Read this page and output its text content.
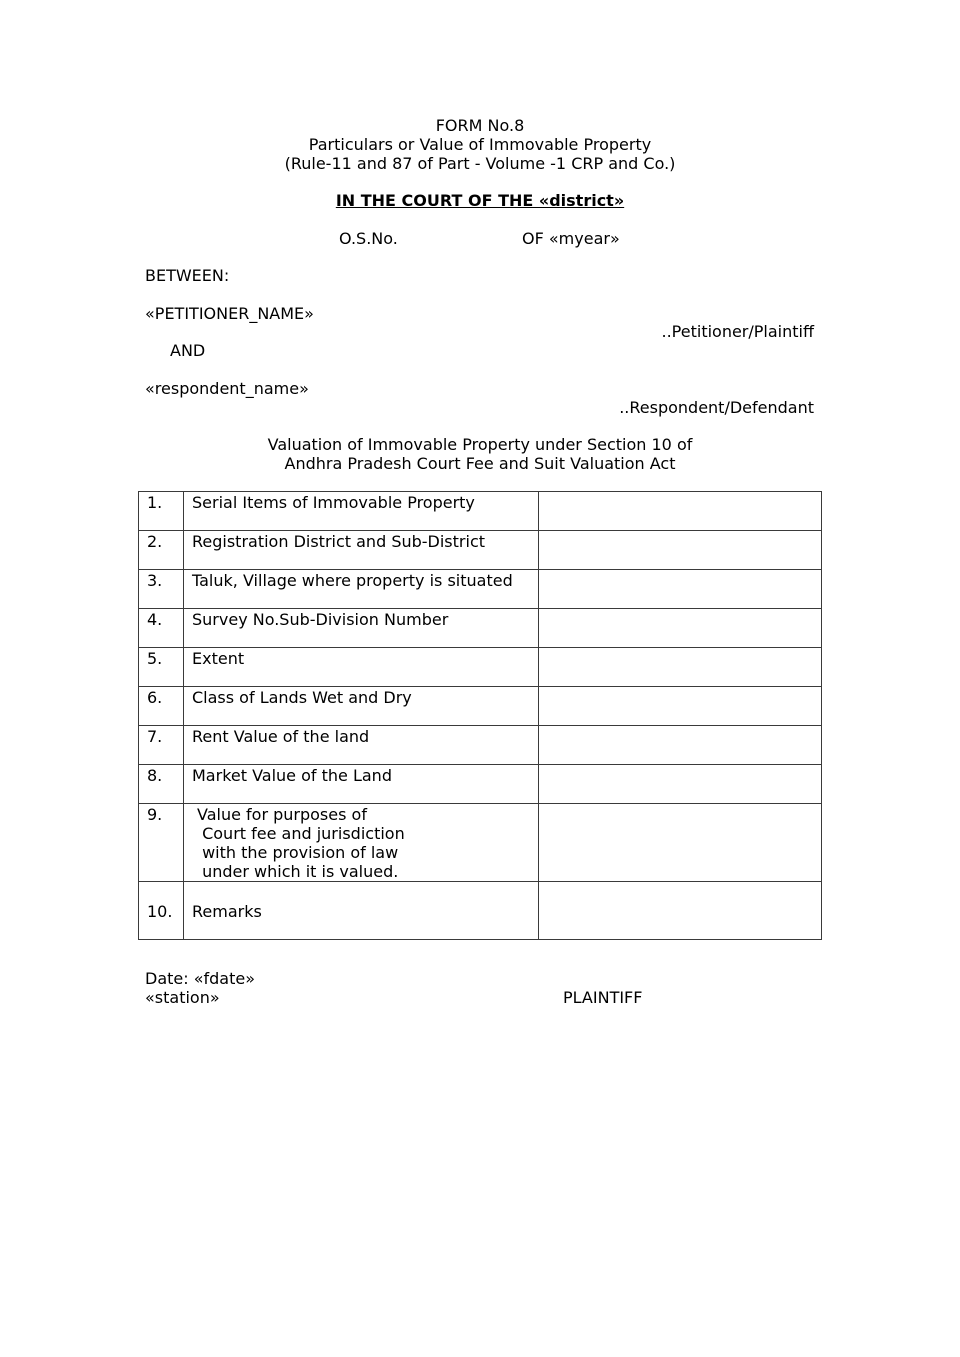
FORM No.8
Particulars or Value of Immovable Property
(Rule-11 and 87 of Part - Volume -1 CRP and Co.)
IN THE COURT OF THE «district»
O.S.No.	OF «myear»
BETWEEN:
«PETITIONER_NAME»
..Petitioner/Plaintiff
AND
«respondent_name»
..Respondent/Defendant
Valuation of Immovable Property under Section 10 of
Andhra Pradesh Court Fee and Suit Valuation Act
1.	Serial Items of Immovable Property	
2.	Registration District and Sub-District	
3.	Taluk, Village where property is situated	
4.	Survey No.Sub-Division Number	
5.	Extent	
6.	Class of Lands Wet and Dry	
7.	Rent Value of the land	
8.	Market Value of the Land	
9.	Value for purposes of
Court fee and jurisdiction
with the provision of law
under which it is valued.	

10.	Remarks	
Date: «fdate»
«station»	PLAINTIFF
